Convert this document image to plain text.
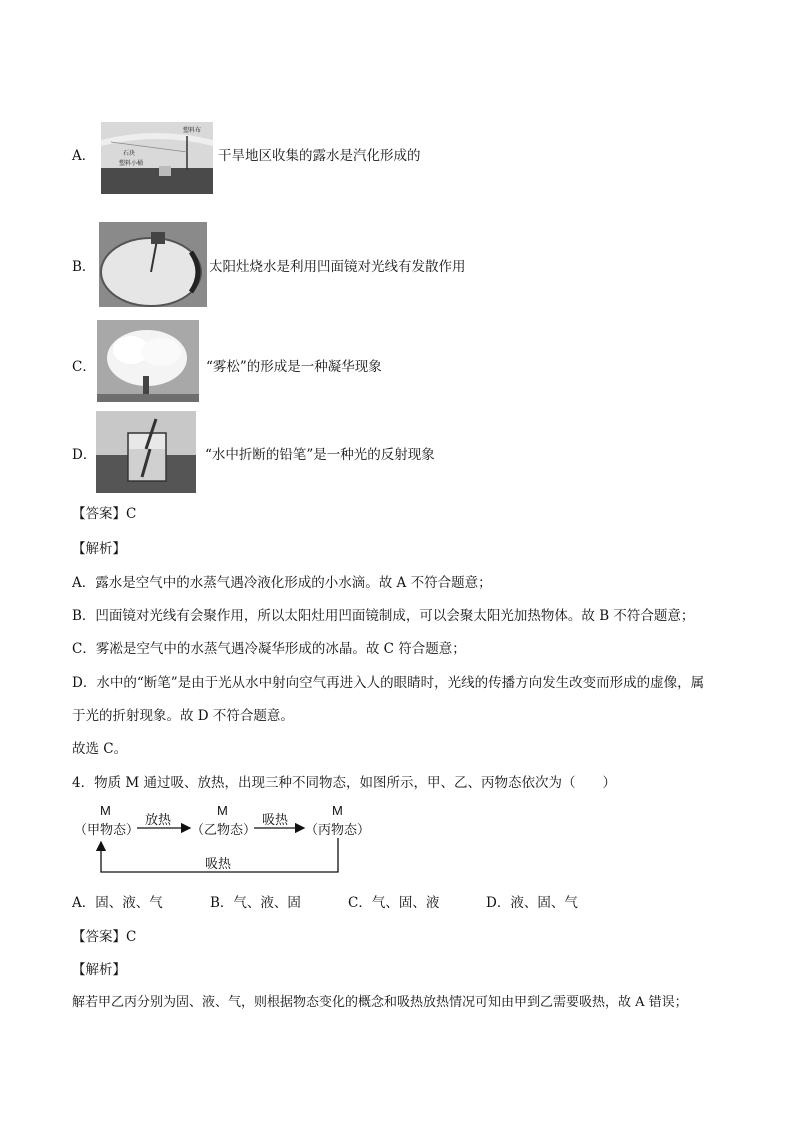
A．
塑料布
石块
塑料小桶	干旱地区收集的露水是汽化形成的
B．	太阳灶烧水是利用凹面镜对光线有发散作用
C．	“雾松”的形成是一种凝华现象
D．	“水中折断的铅笔”是一种光的反射现象
【答案】C
【解析】
A．露水是空气中的水蒸气遇冷液化形成的小水滴。故 A 不符合题意；
B．凹面镜对光线有会聚作用，所以太阳灶用凹面镜制成，可以会聚太阳光加热物体。故 B 不符合题意；
C．雾凇是空气中的水蒸气遇冷凝华形成的冰晶。故 C 符合题意；
D．水中的“断笔”是由于光从水中射向空气再进入人的眼睛时，光线的传播方向发生改变而形成的虚像，属
于光的折射现象。故 D 不符合题意。
故选 C。
4．物质 M 通过吸、放热，出现三种不同物态，如图所示，甲、乙、丙物态依次为（　　）
M
（甲物态）
M
（乙物态）
M
（丙物态）
放热	吸热
吸热
A．固、液、气	B．气、液、固	C．气、固、液	D．液、固、气
【答案】C
【解析】
解若甲乙丙分别为固、液、气，则根据物态变化的概念和吸热放热情况可知由甲到乙需要吸热，故 A 错误；
